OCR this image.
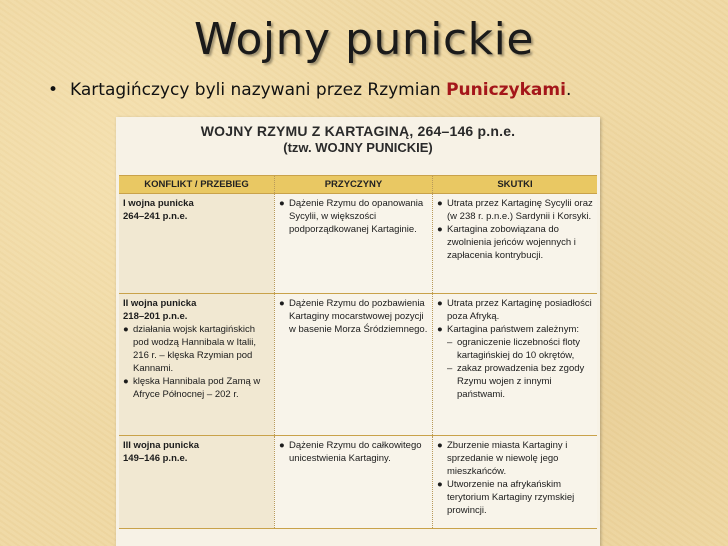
Wojny punickie
• Kartagińczycy byli nazywani przez Rzymian Puniczykami.
WOJNY RZYMU Z KARTAGINĄ, 264–146 p.n.e.
(tzw. WOJNY PUNICKIE)
KONFLIKT / PRZEBIEG	PRZYCZYNY	SKUTKI
I wojna punicka
264–241 p.n.e.
● Dążenie Rzymu do opanowania Sycylii, w większości podporządkowanej Kartaginie.
● Utrata przez Kartaginę Sycylii oraz (w 238 r. p.n.e.) Sardynii i Korsyki.
● Kartagina zobowiązana do zwolnienia jeńców wojennych i zapłacenia kontrybucji.
II wojna punicka
218–201 p.n.e.
● działania wojsk kartagińskich pod wodzą Hannibala w Italii, 216 r. – klęska Rzymian pod Kannami.
● klęska Hannibala pod Zamą w Afryce Północnej – 202 r.
● Dążenie Rzymu do pozbawienia Kartaginy mocarstwowej pozycji w basenie Morza Śródziemnego.
● Utrata przez Kartaginę posiadłości poza Afryką.
● Kartagina państwem zależnym:
– ograniczenie liczebności floty kartagińskiej do 10 okrętów,
– zakaz prowadzenia bez zgody Rzymu wojen z innymi państwami.
III wojna punicka
149–146 p.n.e.
● Dążenie Rzymu do całkowitego unicestwienia Kartaginy.
● Zburzenie miasta Kartaginy i sprzedanie w niewolę jego mieszkańców.
● Utworzenie na afrykańskim terytorium Kartaginy rzymskiej prowincji.
